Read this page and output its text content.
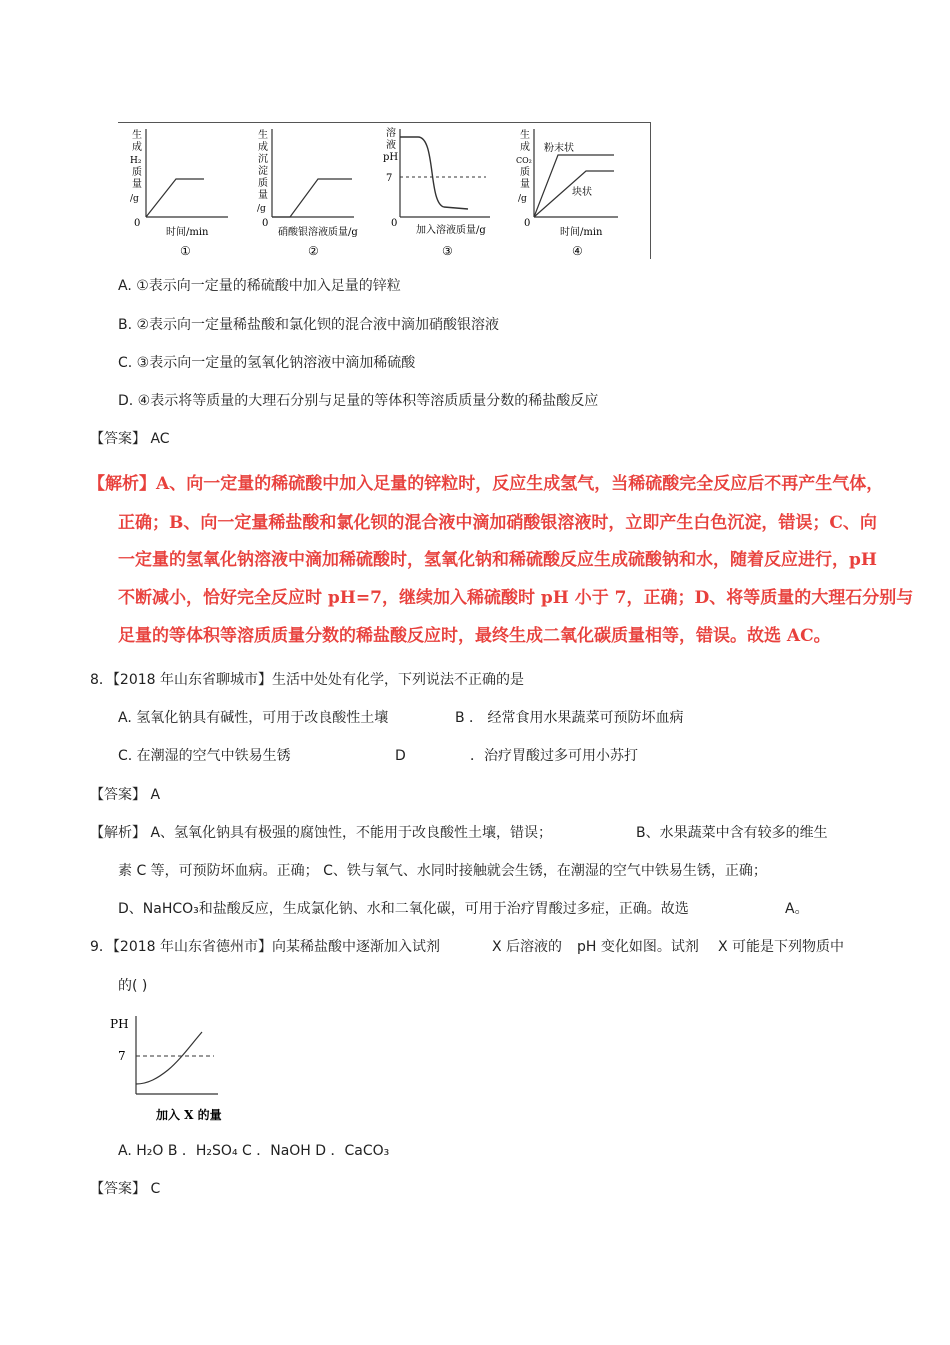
生
成
H₂
质
量
/g
0
时间/min
①
生
成
沉
淀
质
量
/g
0
硝酸银溶液质量/g
②
溶
液
pH
7
0
加入溶液质量/g
③
生
成
CO₂
质
量
/g
粉末状
块状
0
时间/min
④
A. ①表示向一定量的稀硫酸中加入足量的锌粒
B. ②表示向一定量稀盐酸和氯化钡的混合液中滴加硝酸银溶液
C. ③表示向一定量的氢氧化钠溶液中滴加稀硫酸
D. ④表示将等质量的大理石分别与足量的等体积等溶质质量分数的稀盐酸反应
【答案】 AC
【解析】A、向一定量的稀硫酸中加入足量的锌粒时，反应生成氢气，当稀硫酸完全反应后不再产生气体，
正确；B、向一定量稀盐酸和氯化钡的混合液中滴加硝酸银溶液时，立即产生白色沉淀，错误；C、向
一定量的氢氧化钠溶液中滴加稀硫酸时，氢氧化钠和稀硫酸反应生成硫酸钠和水，随着反应进行，pH
不断减小，恰好完全反应时 pH=7，继续加入稀硫酸时 pH 小于 7，正确；D、将等质量的大理石分别与
足量的等体积等溶质质量分数的稀盐酸反应时，最终生成二氧化碳质量相等，错误。故选 AC。
8．【2018 年山东省聊城市】生活中处处有化学，下列说法不正确的是
A. 氢氧化钠具有碱性，可用于改良酸性土壤	B ． 经常食用水果蔬菜可预防坏血病
C. 在潮湿的空气中铁易生锈	D	．治疗胃酸过多可用小苏打
【答案】 A
【解析】 A、氢氧化钠具有极强的腐蚀性，不能用于改良酸性土壤，错误；	B、水果蔬菜中含有较多的维生
素 C 等，可预防坏血病。正确； C、铁与氧气、水同时接触就会生锈，在潮湿的空气中铁易生锈，正确；
D、NaHCO₃和盐酸反应，生成氯化钠、水和二氧化碳，可用于治疗胃酸过多症，正确。故选	A。
9．【2018 年山东省德州市】向某稀盐酸中逐渐加入试剂	X 后溶液的 pH 变化如图。试剂 X 可能是下列物质中
的( )
PH
7
加入 X 的量
A. H₂O B ．H₂SO₄ C ．NaOH D ．CaCO₃
【答案】 C
